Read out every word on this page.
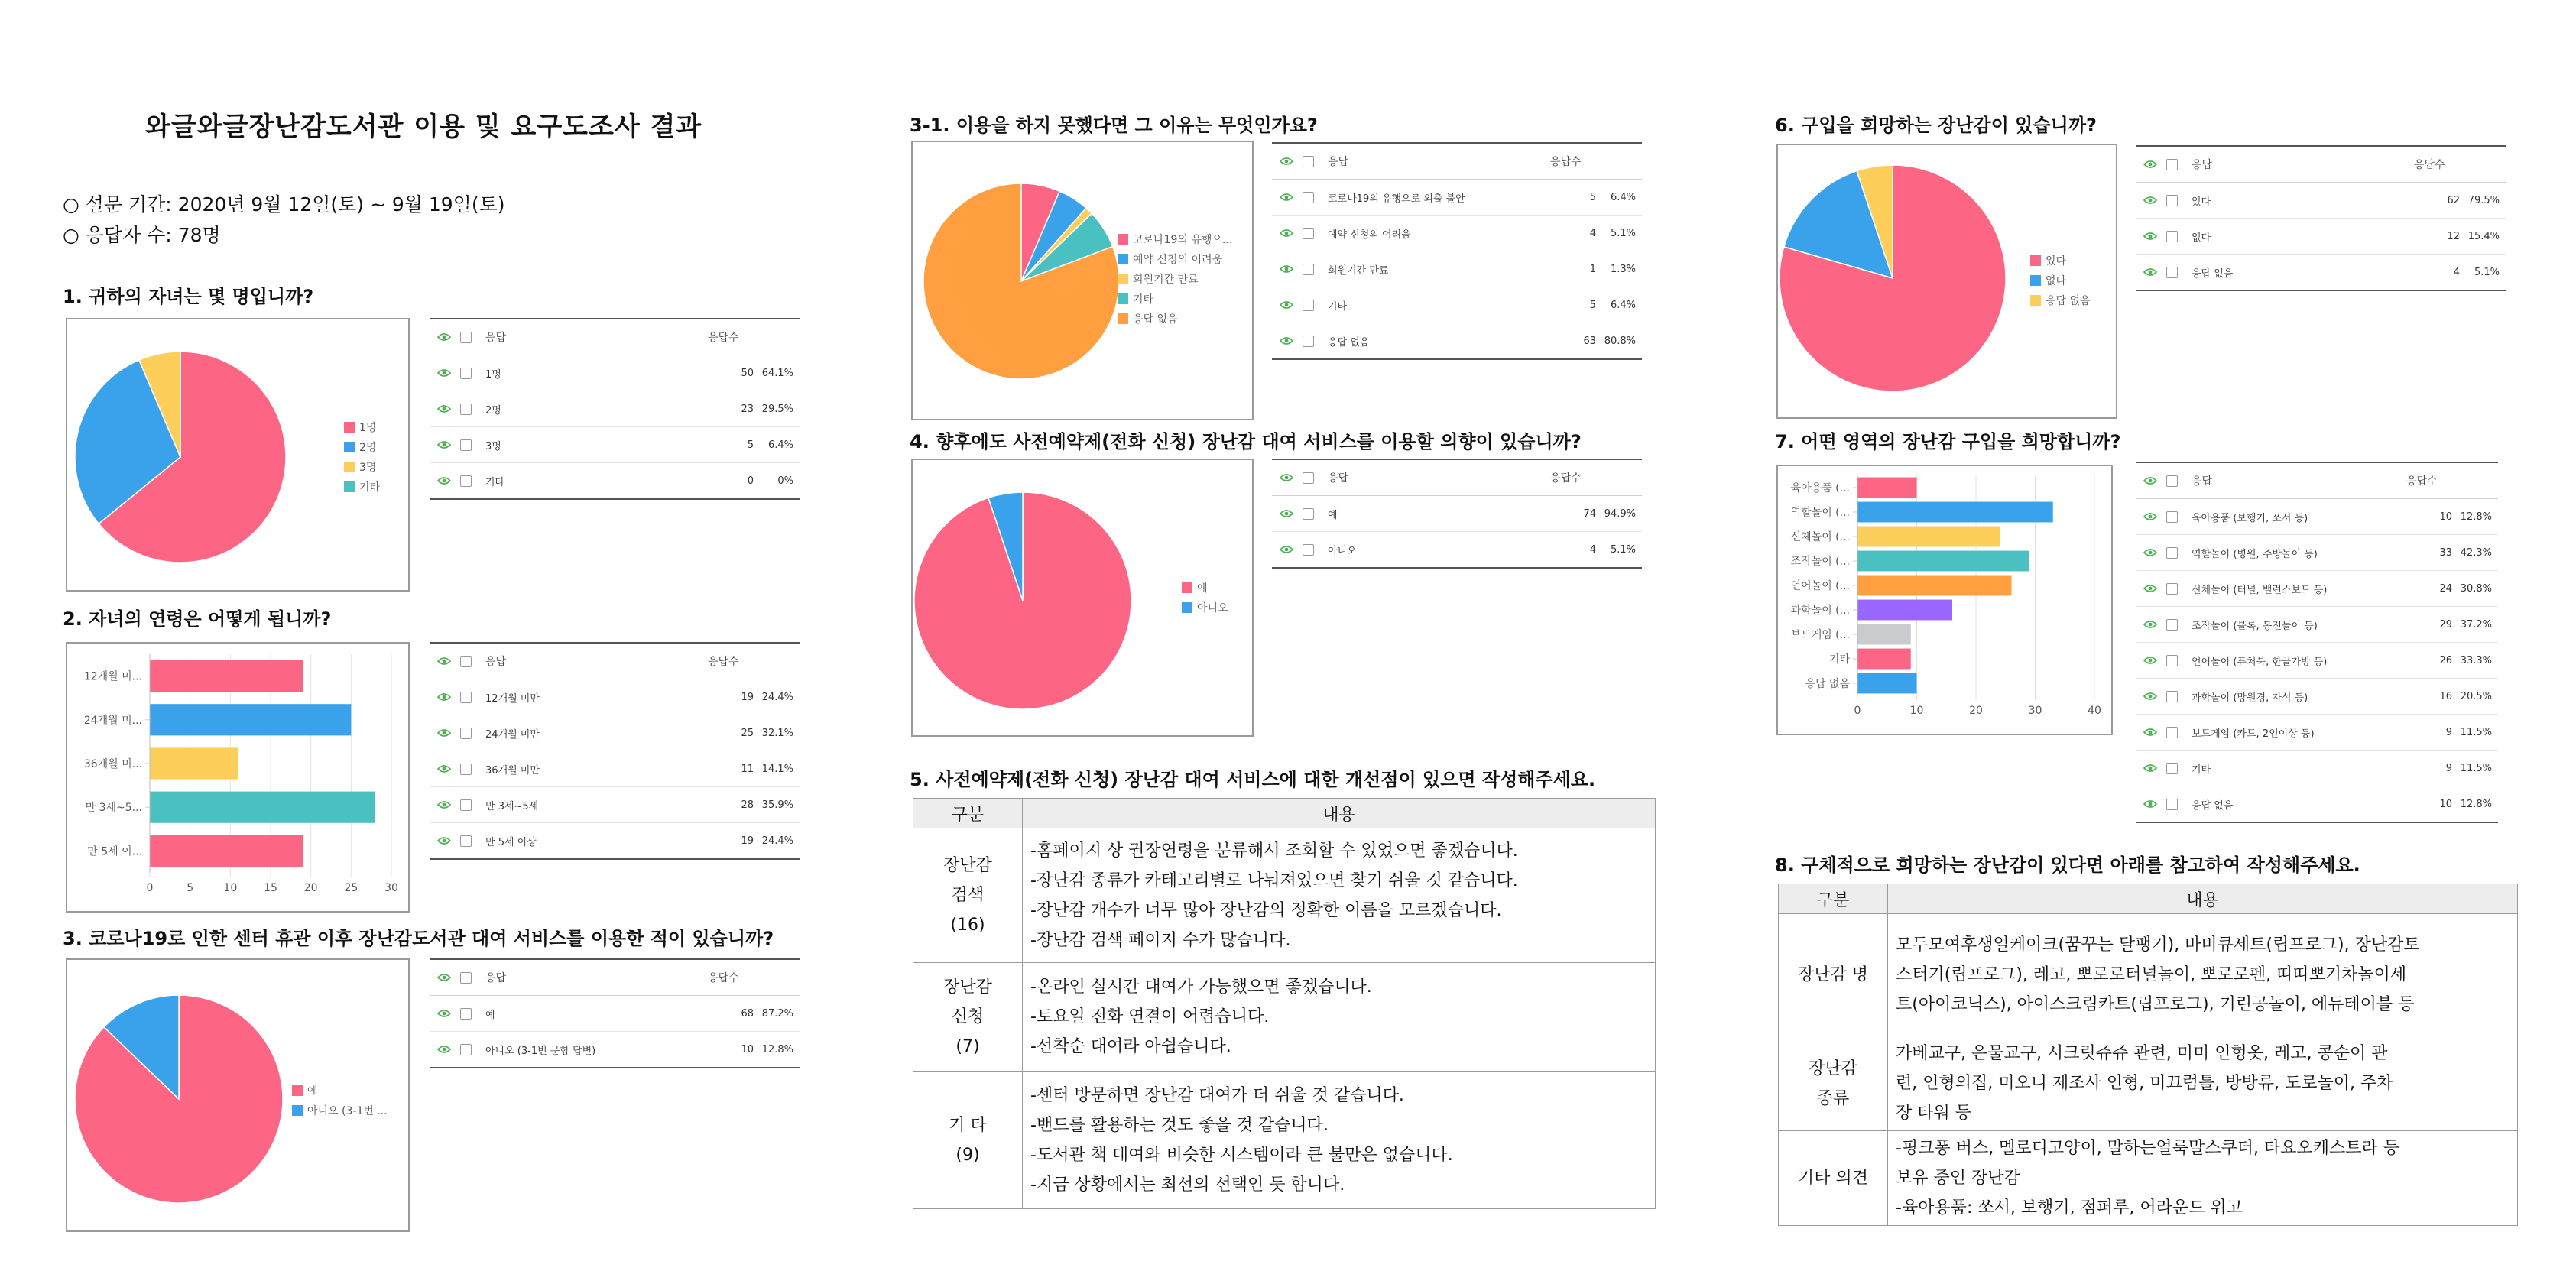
와글와글장난감도서관 이용 및 요구도조사 결과
○ 설문 기간: 2020년 9월 12일(토) ~ 9월 19일(토)
○ 응답자 수: 78명
1. 귀하의 자녀는 몇 명입니까?
2. 자녀의 연령은 어떻게 됩니까?
3. 코로나19로 인한 센터 휴관 이후 장난감도서관 대여 서비스를 이용한 적이 있습니까?
3-1. 이용을 하지 못했다면 그 이유는 무엇인가요?
4. 향후에도 사전예약제(전화 신청) 장난감 대여 서비스를 이용할 의향이 있습니까?
5. 사전예약제(전화 신청) 장난감 대여 서비스에 대한 개선점이 있으면 작성해주세요.
6. 구입을 희망하는 장난감이 있습니까?
7. 어떤 영역의 장난감 구입을 희망합니까?
8. 구체적으로 희망하는 장난감이 있다면 아래를 참고하여 작성해주세요.
1명
2명
3명
기타
0	5	10 15 20 25 30
12개월 미...
24개월 미...
36개월 미...
만 3세~5...
만 5세 이...
예
아니오 (3-1번 ...
코로나19의 유행으...
예약 신청의 어려움
회원기간 만료
기타
응답 없음
예
아니오
있다
없다
응답 없음
0	10	20	30	40
육아용품 (...
역할놀이 (...
신체놀이 (...
조작놀이 (...
언어놀이 (...
과학놀이 (...
보드게임 (...
기타
응답 없음
응답	응답수
1명	50 64.1%
2명	23 29.5%
3명	5	6.4%
기타	0	0%
응답	응답수
12개월 미만	19 24.4%
24개월 미만	25 32.1%
36개월 미만	11 14.1%
만 3세~5세	28 35.9%
만 5세 이상	19 24.4%
응답	응답수
예	68 87.2%
아니오 (3-1번 문항 답변)	10 12.8%
응답	응답수
코로나19의 유행으로 외출 불안	5	6.4%
예약 신청의 어려움	4	5.1%
회원기간 만료	1	1.3%
기타	5	6.4%
응답 없음	63 80.8%
응답	응답수
예	74 94.9%
아니오	4	5.1%
응답	응답수
있다	62 79.5%
없다	12 15.4%
응답 없음	4	5.1%
응답	응답수
육아용품 (보행기, 쏘서 등)	10 12.8%
역할놀이 (병원, 주방놀이 등)	33 42.3%
신체놀이 (터널, 밸런스보드 등)	24 30.8%
조작놀이 (블록, 동전놀이 등)	29 37.2%
언어놀이 (퓨처북, 한글가방 등)	26 33.3%
과학놀이 (망원경, 자석 등)	16 20.5%
보드게임 (카드, 2인이상 등)	9 11.5%
기타	9 11.5%
응답 없음	10 12.8%
구분	내용

장난감
검색
(16)	-홈페이지 상 권장연령을 분류해서 조회할 수 있었으면 좋겠습니다.
-장난감 종류가 카테고리별로 나눠져있으면 찾기 쉬울 것 같습니다.
-장난감 개수가 너무 많아 장난감의 정확한 이름을 모르겠습니다.
-장난감 검색 페이지 수가 많습니다.

장난감
신청
(7)	-온라인 실시간 대여가 가능했으면 좋겠습니다.
-토요일 전화 연결이 어렵습니다.
-선착순 대여라 아쉽습니다.

기 타
(9)	-센터 방문하면 장난감 대여가 더 쉬울 것 같습니다.
-밴드를 활용하는 것도 좋을 것 같습니다.
-도서관 책 대여와 비슷한 시스템이라 큰 불만은 없습니다.
-지금 상황에서는 최선의 선택인 듯 합니다.
구분	내용

장난감 명	모두모여후생일케이크(꿈꾸는 달팽기), 바비큐세트(립프로그), 장난감토
스터기(립프로그), 레고, 뽀로로터널놀이, 뽀로로펜, 띠띠뽀기차놀이세
트(아이코닉스), 아이스크림카트(립프로그), 기린공놀이, 에듀테이블 등

장난감
종류	가베교구, 은물교구, 시크릿쥬쥬 관련, 미미 인형옷, 레고, 콩순이 관
련, 인형의집, 미오니 제조사 인형, 미끄럼틀, 방방류, 도로놀이, 주차
장 타워 등

기타 의견	-핑크퐁 버스, 멜로디고양이, 말하는얼룩말스쿠터, 타요오케스트라 등
보유 중인 장난감
-육아용품: 쏘서, 보행기, 점퍼루, 어라운드 위고
